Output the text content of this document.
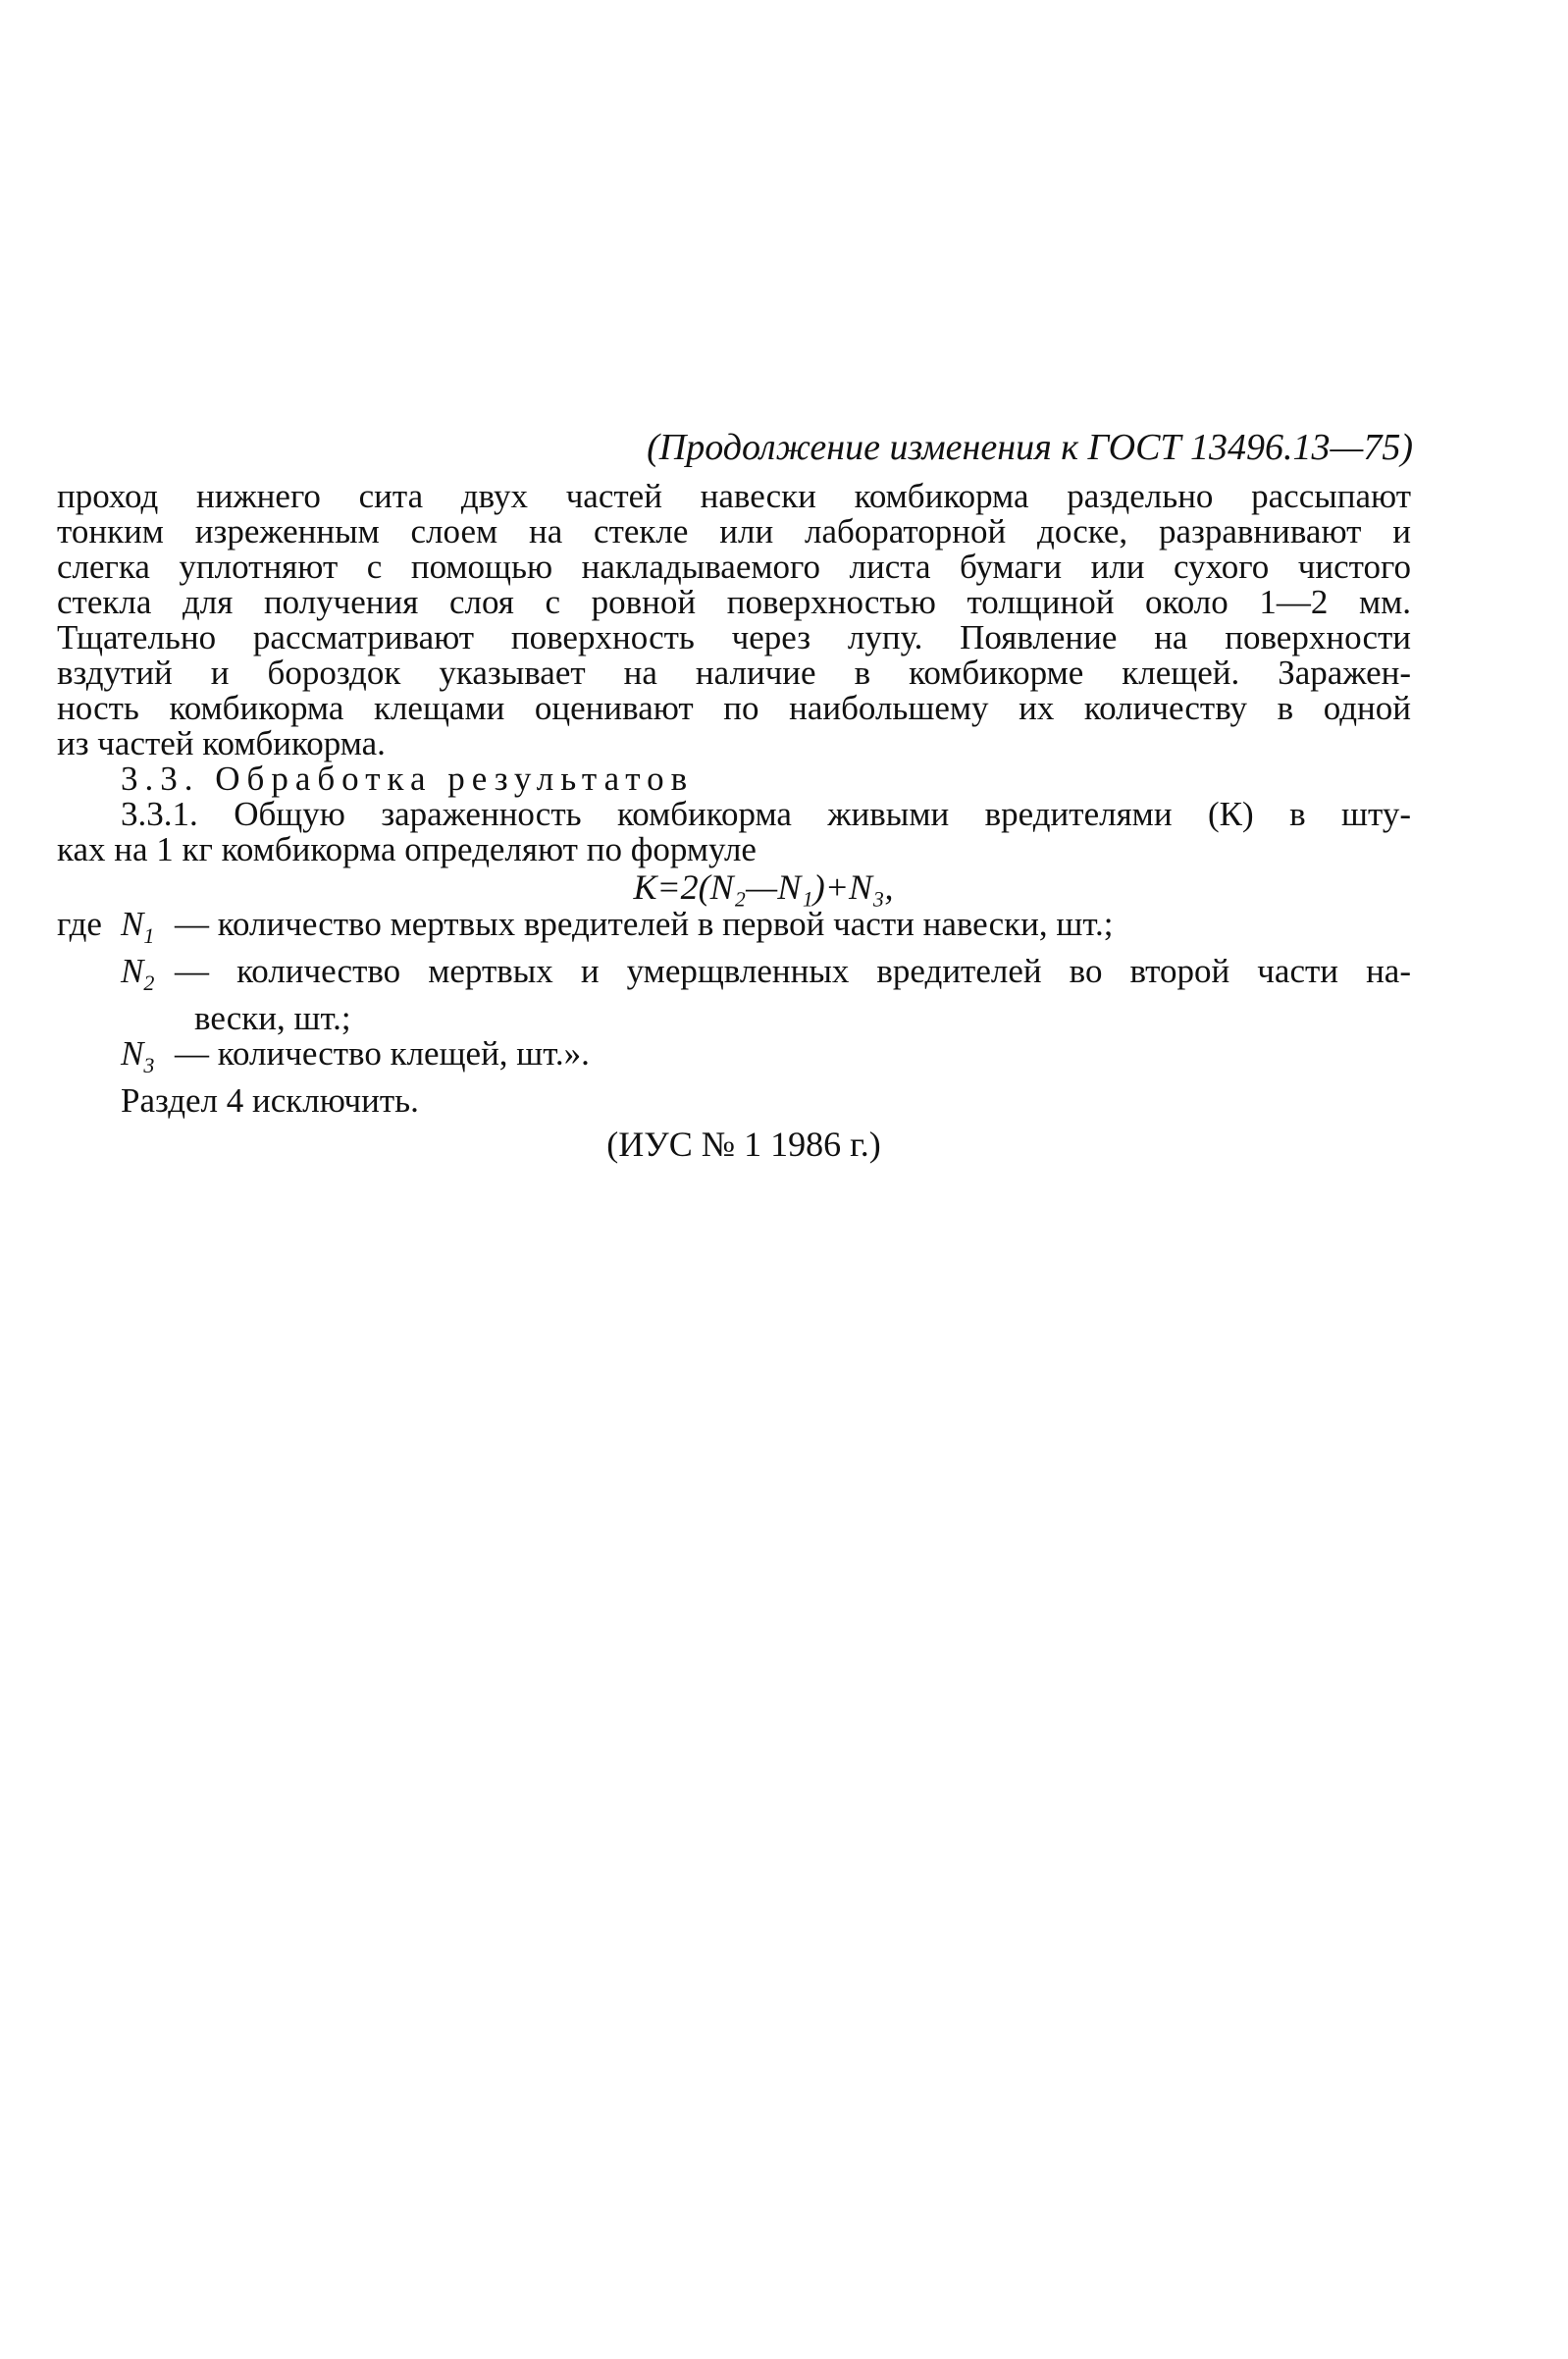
(Продолжение изменения к ГОСТ 13496.13—75)
проход нижнего сита двух частей навески комбикорма раздельно рассыпают
тонким изреженным слоем на стекле или лабораторной доске, разравнивают и
слегка уплотняют с помощью накладываемого листа бумаги или сухого чистого
стекла для получения слоя с ровной поверхностью толщиной около 1—2 мм.
Тщательно рассматривают поверхность через лупу. Появление на поверхности
вздутий и бороздок указывает на наличие в комбикорме клещей. Заражен-
ность комбикорма клещами оценивают по наибольшему их количеству в одной
из частей комбикорма.
3.3. Обработка результатов
3.3.1. Общую зараженность комбикорма живыми вредителями (К) в шту-
ках на 1 кг комбикорма определяют по формуле
К=2(N₂—N₁)+N₃,
где $N_1$ — количество мертвых вредителей в первой части навески, шт.;
$N_2$ — количество мертвых и умерщвленных вредителей во второй части на-
вески, шт.;
$N_3$ — количество клещей, шт.».
Раздел 4 исключить.
(ИУС № 1 1986 г.)
